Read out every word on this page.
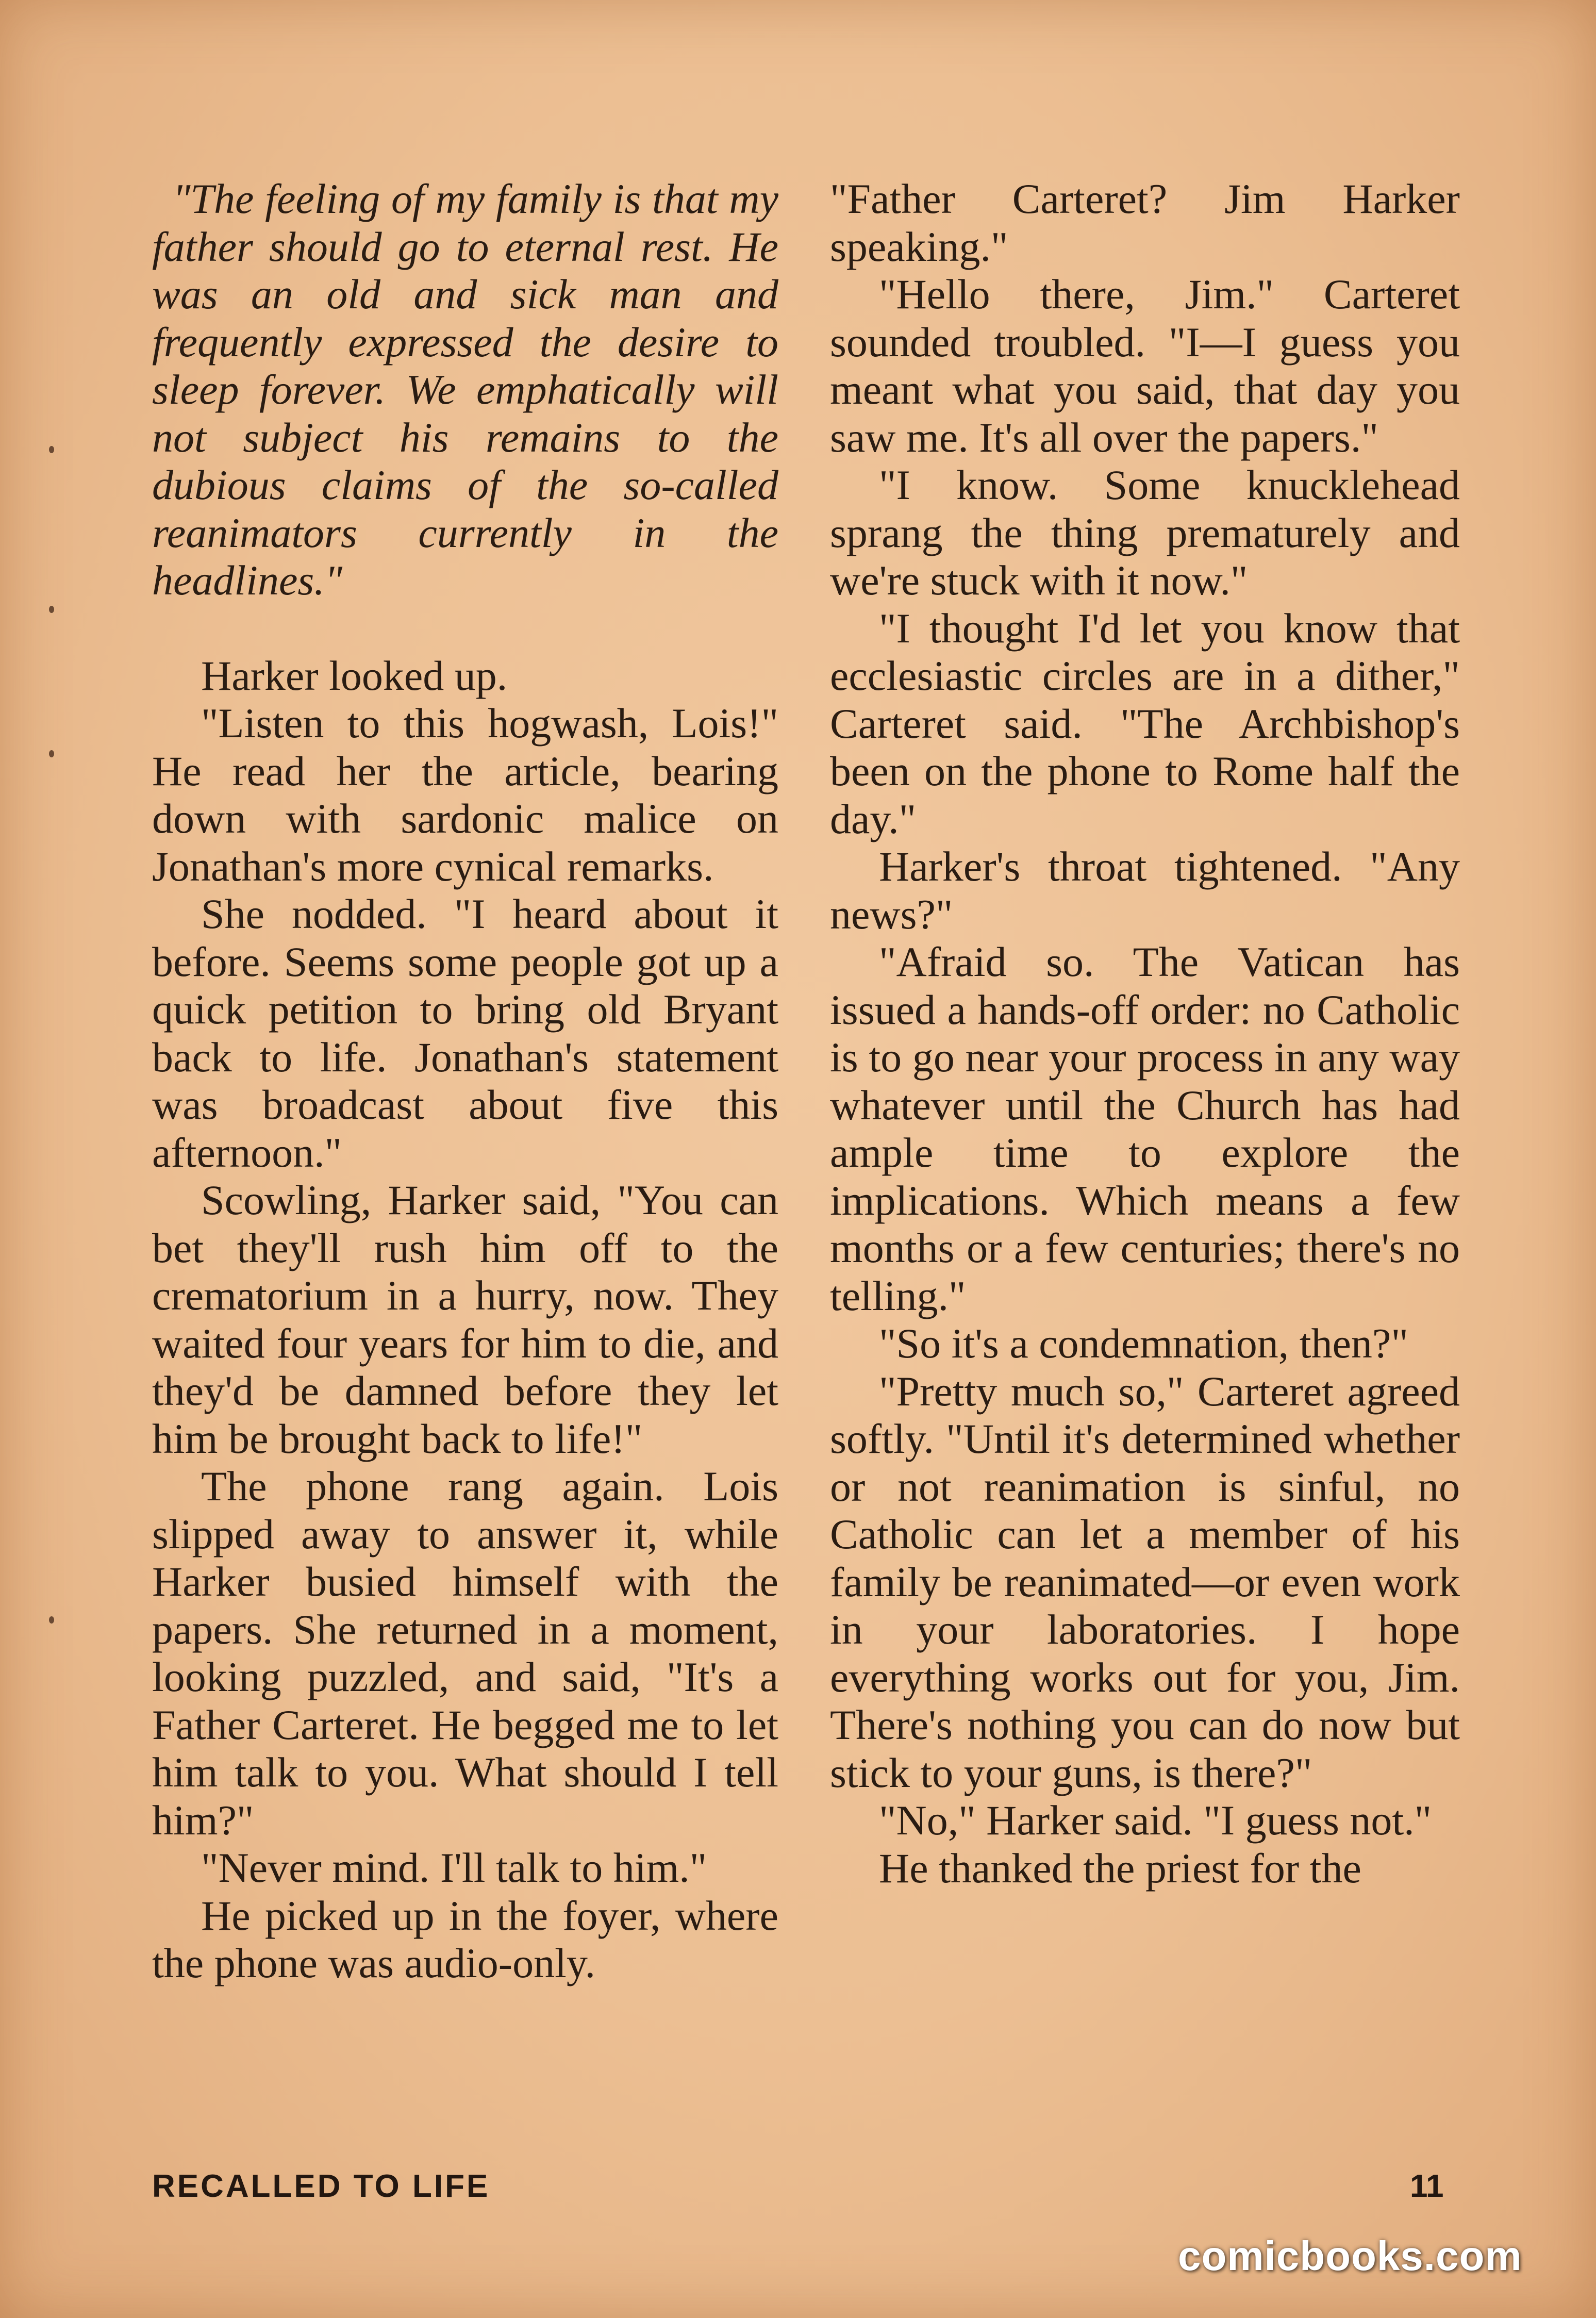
"The feeling of my family is that my father should go to eternal rest. He was an old and sick man and frequently expressed the desire to sleep forever. We emphatically will not subject his remains to the dubious claims of the so-called reanimators currently in the headlines."

Harker looked up.

"Listen to this hogwash, Lois!" He read her the article, bearing down with sardonic malice on Jonathan's more cynical remarks.

She nodded. "I heard about it before. Seems some people got up a quick petition to bring old Bryant back to life. Jonathan's statement was broadcast about five this afternoon."

Scowling, Harker said, "You can bet they'll rush him off to the crematorium in a hurry, now. They waited four years for him to die, and they'd be damned before they let him be brought back to life!"

The phone rang again. Lois slipped away to answer it, while Harker busied himself with the papers. She returned in a moment, looking puzzled, and said, "It's a Father Carteret. He begged me to let him talk to you. What should I tell him?"

"Never mind. I'll talk to him."

He picked up in the foyer, where the phone was audio-only.

"Father Carteret? Jim Harker speaking."

"Hello there, Jim." Carteret sounded troubled. "I—I guess you meant what you said, that day you saw me. It's all over the papers."

"I know. Some knucklehead sprang the thing prematurely and we're stuck with it now."

"I thought I'd let you know that ecclesiastic circles are in a dither," Carteret said. "The Archbishop's been on the phone to Rome half the day."

Harker's throat tightened. "Any news?"

"Afraid so. The Vatican has issued a hands-off order: no Catholic is to go near your process in any way whatever until the Church has had ample time to explore the implications. Which means a few months or a few centuries; there's no telling."

"So it's a condemnation, then?"

"Pretty much so," Carteret agreed softly. "Until it's determined whether or not reanimation is sinful, no Catholic can let a member of his family be reanimated—or even work in your laboratories. I hope everything works out for you, Jim. There's nothing you can do now but stick to your guns, is there?"

"No," Harker said. "I guess not."

He thanked the priest for the

RECALLED TO LIFE	11
comicbooks.com
